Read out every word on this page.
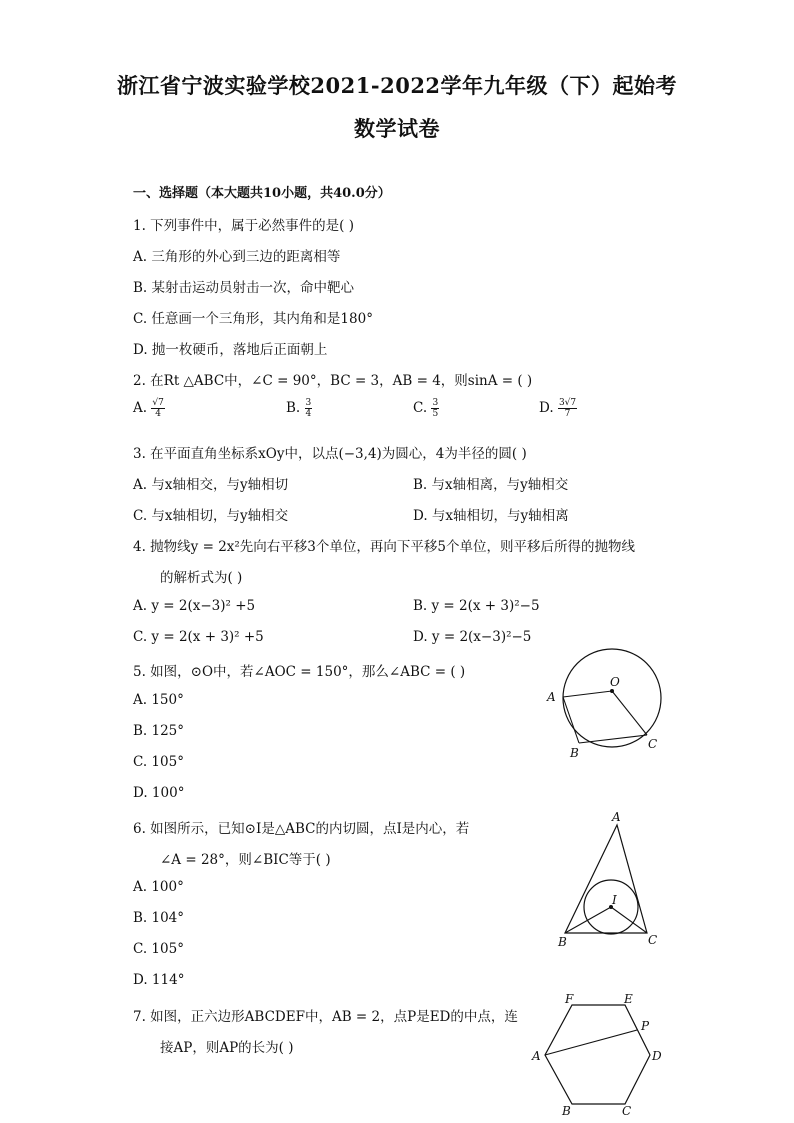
浙江省宁波实验学校2021-2022学年九年级（下）起始考
数学试卷
一、选择题（本大题共10小题，共40.0分）
1. 下列事件中，属于必然事件的是( )
A. 三角形的外心到三边的距离相等
B. 某射击运动员射击一次，命中靶心
C. 任意画一个三角形，其内角和是180°
D. 抛一枚硬币，落地后正面朝上
2. 在Rt △ABC中，∠C = 90°，BC = 3，AB = 4，则sinA = ( )
A. $\frac{√7}{4}$	B. $\frac{3}{4}$	C. $\frac{3}{5}$	D. $\frac{3√7}{7}$
3. 在平面直角坐标系xOy中，以点(−3,4)为圆心，4为半径的圆( )
A. 与x轴相交，与y轴相切	B. 与x轴相离，与y轴相交
C. 与x轴相切，与y轴相交	D. 与x轴相切，与y轴相离
4. 抛物线y = 2x²先向右平移3个单位，再向下平移5个单位，则平移后所得的抛物线
的解析式为( )
A. y = 2(x−3)² +5	B. y = 2(x + 3)²−5
C. y = 2(x + 3)² +5	D. y = 2(x−3)²−5
5. 如图，⊙O中，若∠AOC = 150°，那么∠ABC = ( )
A. 150°
B. 125°
C. 105°
D. 100°
A
O
B
C
6. 如图所示，已知⊙I是△ABC的内切圆，点I是内心，若
∠A = 28°，则∠BIC等于( )
A. 100°
B. 104°
C. 105°
D. 114°
A
I
B	C
7. 如图，正六边形ABCDEF中，AB = 2，点P是ED的中点，连
接AP，则AP的长为( )
F	E
P
A	D
B	C
